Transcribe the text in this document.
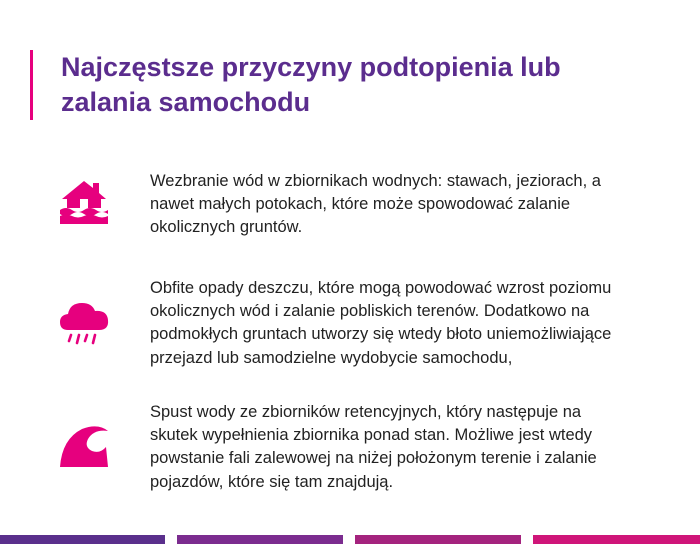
Najczęstsze przyczyny podtopienia lub
zalania samochodu
Wezbranie wód w zbiornikach wodnych: stawach, jeziorach, a
nawet małych potokach, które może spowodować zalanie
okolicznych gruntów.
Obfite opady deszczu, które mogą powodować wzrost poziomu
okolicznych wód i zalanie pobliskich terenów. Dodatkowo na
podmokłych gruntach utworzy się wtedy błoto uniemożliwiające
przejazd lub samodzielne wydobycie samochodu,
Spust wody ze zbiorników retencyjnych, który następuje na
skutek wypełnienia zbiornika ponad stan. Możliwe jest wtedy
powstanie fali zalewowej na niżej położonym terenie i zalanie
pojazdów, które się tam znajdują.
